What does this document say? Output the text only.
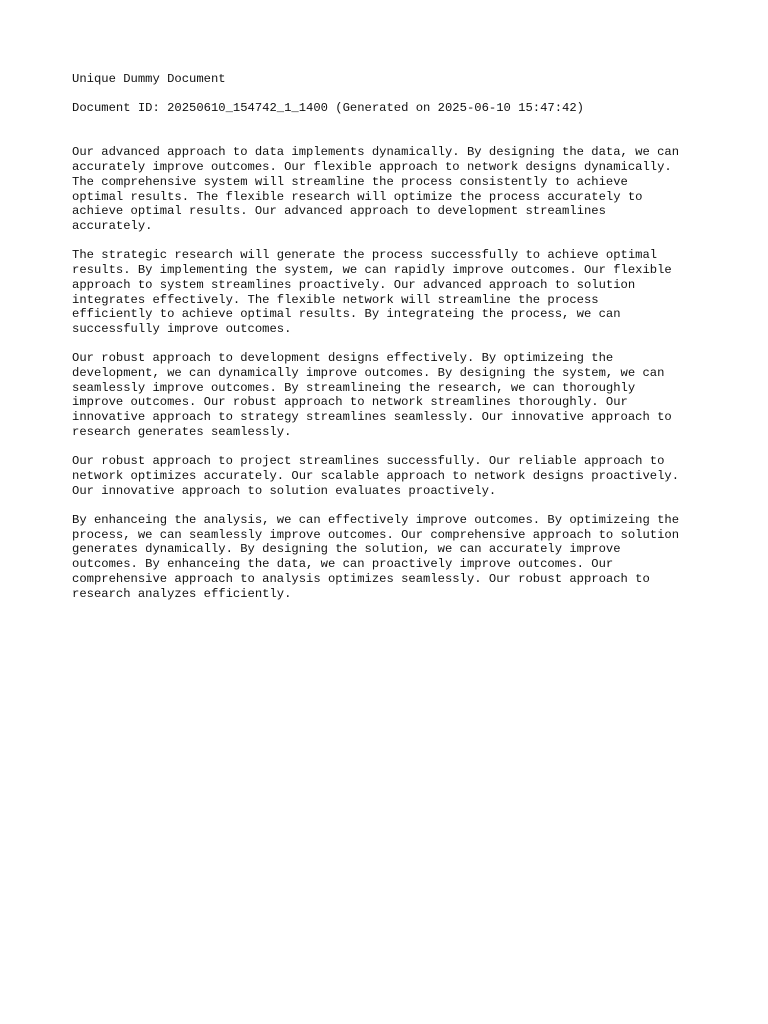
Unique Dummy Document
Document ID: 20250610_154742_1_1400 (Generated on 2025-06-10 15:47:42)
Our advanced approach to data implements dynamically. By designing the data, we can
accurately improve outcomes. Our flexible approach to network designs dynamically.
The comprehensive system will streamline the process consistently to achieve
optimal results. The flexible research will optimize the process accurately to
achieve optimal results. Our advanced approach to development streamlines
accurately.
The strategic research will generate the process successfully to achieve optimal
results. By implementing the system, we can rapidly improve outcomes. Our flexible
approach to system streamlines proactively. Our advanced approach to solution
integrates effectively. The flexible network will streamline the process
efficiently to achieve optimal results. By integrateing the process, we can
successfully improve outcomes.
Our robust approach to development designs effectively. By optimizeing the
development, we can dynamically improve outcomes. By designing the system, we can
seamlessly improve outcomes. By streamlineing the research, we can thoroughly
improve outcomes. Our robust approach to network streamlines thoroughly. Our
innovative approach to strategy streamlines seamlessly. Our innovative approach to
research generates seamlessly.
Our robust approach to project streamlines successfully. Our reliable approach to
network optimizes accurately. Our scalable approach to network designs proactively.
Our innovative approach to solution evaluates proactively.
By enhanceing the analysis, we can effectively improve outcomes. By optimizeing the
process, we can seamlessly improve outcomes. Our comprehensive approach to solution
generates dynamically. By designing the solution, we can accurately improve
outcomes. By enhanceing the data, we can proactively improve outcomes. Our
comprehensive approach to analysis optimizes seamlessly. Our robust approach to
research analyzes efficiently.
